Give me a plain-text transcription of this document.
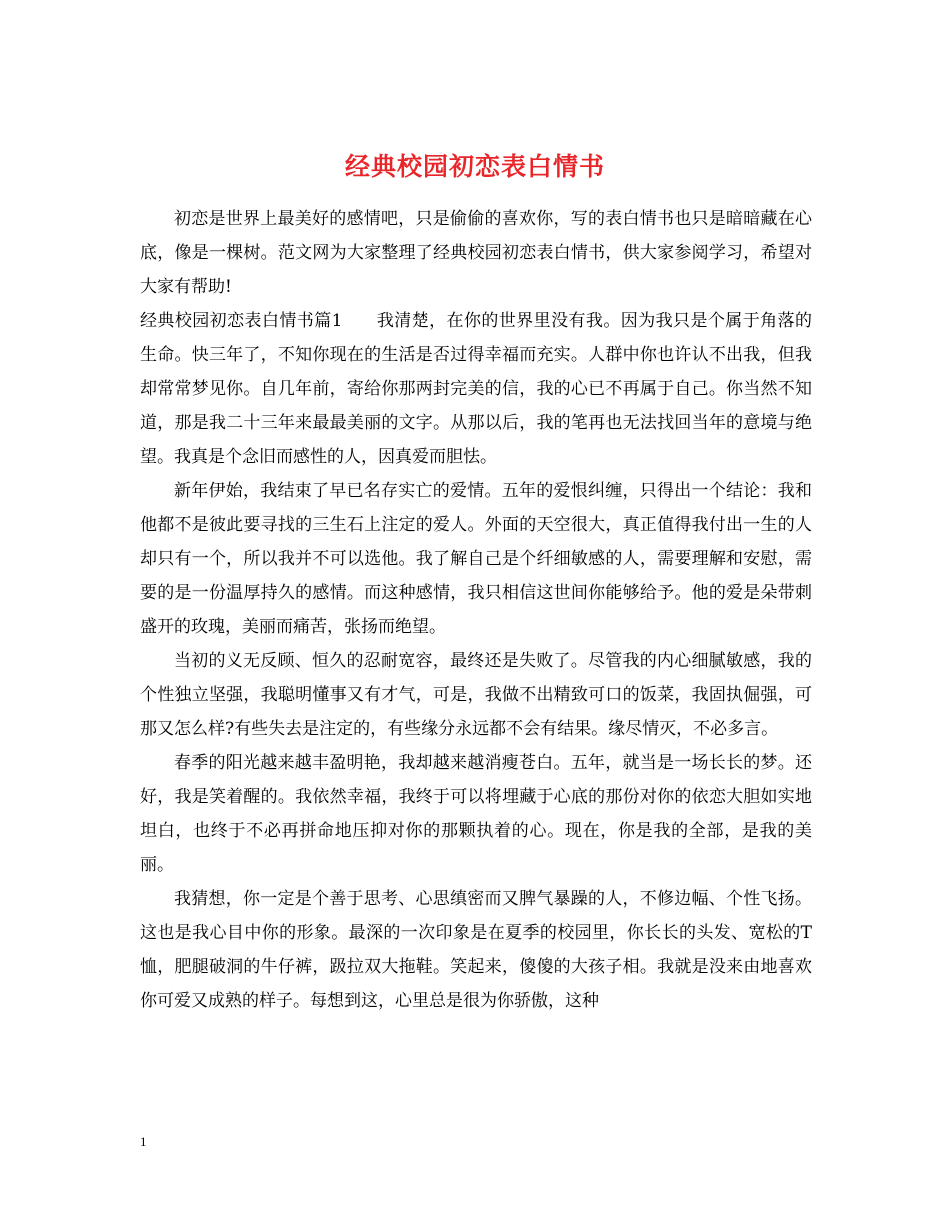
经典校园初恋表白情书

初恋是世界上最美好的感情吧，只是偷偷的喜欢你，写的表白情书也只是暗暗藏在心底，像是一棵树。范文网为大家整理了经典校园初恋表白情书，供大家参阅学习，希望对大家有帮助!

经典校园初恋表白情书篇1 我清楚，在你的世界里没有我。因为我只是个属于角落的生命。快三年了，不知你现在的生活是否过得幸福而充实。人群中你也许认不出我，但我却常常梦见你。自几年前，寄给你那两封完美的信，我的心已不再属于自己。你当然不知道，那是我二十三年来最最美丽的文字。从那以后，我的笔再也无法找回当年的意境与绝望。我真是个念旧而感性的人，因真爱而胆怯。

新年伊始，我结束了早已名存实亡的爱情。五年的爱恨纠缠，只得出一个结论：我和他都不是彼此要寻找的三生石上注定的爱人。外面的天空很大，真正值得我付出一生的人却只有一个，所以我并不可以选他。我了解自己是个纤细敏感的人，需要理解和安慰，需要的是一份温厚持久的感情。而这种感情，我只相信这世间你能够给予。他的爱是朵带刺盛开的玫瑰，美丽而痛苦，张扬而绝望。

当初的义无反顾、恒久的忍耐宽容，最终还是失败了。尽管我的内心细腻敏感，我的个性独立坚强，我聪明懂事又有才气，可是，我做不出精致可口的饭菜，我固执倔强，可那又怎么样?有些失去是注定的，有些缘分永远都不会有结果。缘尽情灭，不必多言。

春季的阳光越来越丰盈明艳，我却越来越消瘦苍白。五年，就当是一场长长的梦。还好，我是笑着醒的。我依然幸福，我终于可以将埋藏于心底的那份对你的依恋大胆如实地坦白，也终于不必再拼命地压抑对你的那颗执着的心。现在，你是我的全部，是我的美丽。

我猜想，你一定是个善于思考、心思缜密而又脾气暴躁的人，不修边幅、个性飞扬。这也是我心目中你的形象。最深的一次印象是在夏季的校园里，你长长的头发、宽松的T恤，肥腿破洞的牛仔裤，趿拉双大拖鞋。笑起来，傻傻的大孩子相。我就是没来由地喜欢你可爱又成熟的样子。每想到这，心里总是很为你骄傲，这种

1
